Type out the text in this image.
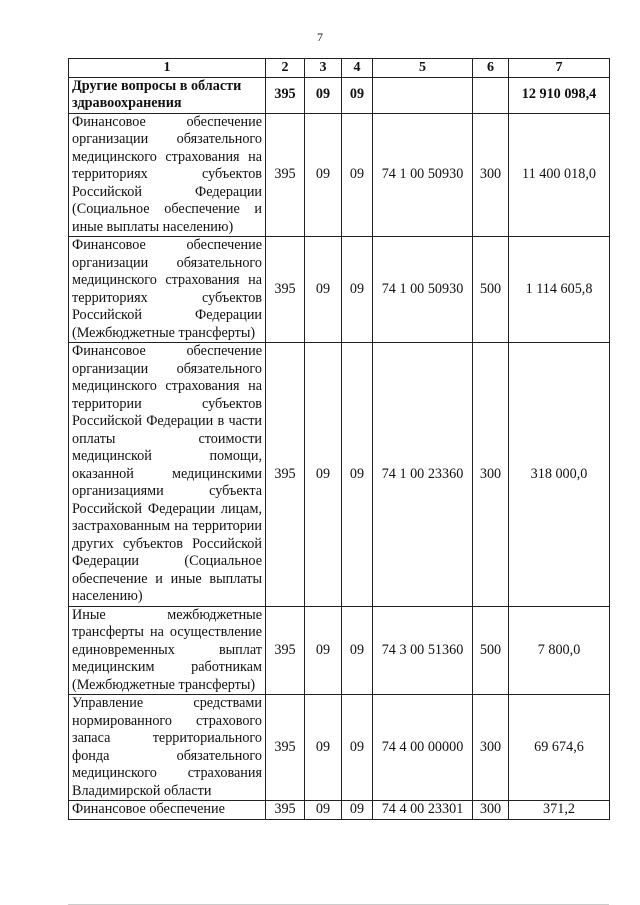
7
1	2	3	4	5	6	7
Другие вопросы в области здравоохранения	395	09	09			12 910 098,4
Финансовое обеспечение организации обязательного медицинского страхования на территориях субъектов Российской Федерации (Социальное обеспечение и иные выплаты населению)	395	09	09	74 1 00 50930	300	11 400 018,0
Финансовое обеспечение организации обязательного медицинского страхования на территориях субъектов Российской Федерации (Межбюджетные трансферты)	395	09	09	74 1 00 50930	500	1 114 605,8
Финансовое обеспечение организации обязательного медицинского страхования на территории субъектов Российской Федерации в части оплаты стоимости медицинской помощи, оказанной медицинскими организациями субъекта Российской Федерации лицам, застрахованным на территории других субъектов Российской Федерации (Социальное обеспечение и иные выплаты населению)	395	09	09	74 1 00 23360	300	318 000,0
Иные межбюджетные трансферты на осуществление единовременных выплат медицинским работникам (Межбюджетные трансферты)	395	09	09	74 3 00 51360	500	7 800,0
Управление средствами нормированного страхового запаса территориального фонда обязательного медицинского страхования Владимирской области	395	09	09	74 4 00 00000	300	69 674,6
Финансовое обеспечение	395	09	09	74 4 00 23301	300	371,2
